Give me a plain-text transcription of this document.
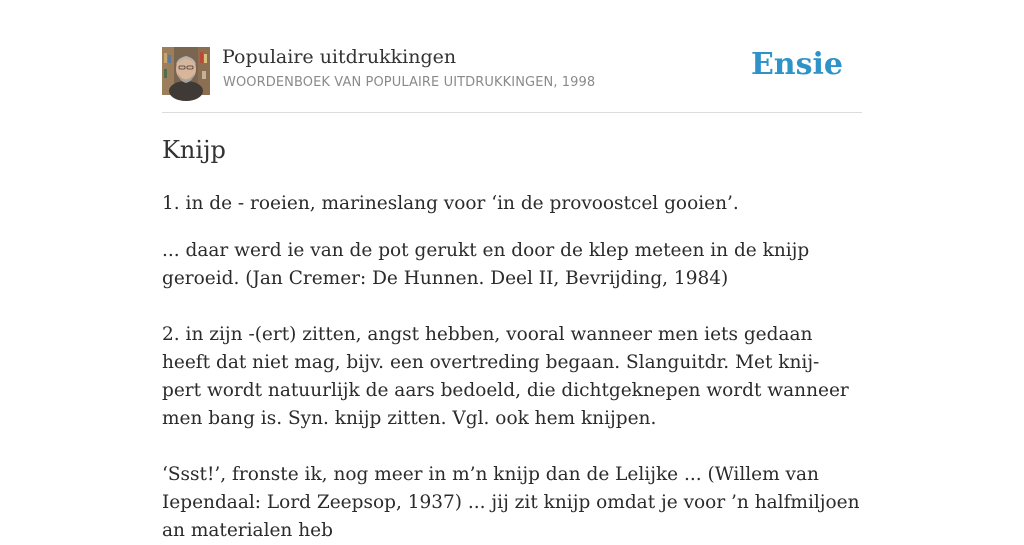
Populaire uitdrukkingen
WOORDENBOEK VAN POPULAIRE UITDRUKKINGEN, 1998
Ensie
Knijp

1. in de - roeien, marineslang voor ‘in de provoostcel gooien’.

... daar werd ie van de pot gerukt en door de klep meteen in de knijp geroeid. (Jan Cremer: De Hunnen. Deel II, Bevrijding, 1984)

2. in zijn -(ert) zitten, angst hebben, vooral wanneer men iets gedaan heeft dat niet mag, bijv. een overtreding begaan. Slanguitdr. Met knij- pert wordt natuurlijk de aars bedoeld, die dichtgeknepen wordt wanneer men bang is. Syn. knijp zitten. Vgl. ook hem knijpen.

‘Ssst!’, fronste ik, nog meer in m’n knijp dan de Lelijke ... (Willem van Iependaal: Lord Zeepsop, 1937) ... jij zit knijp omdat je voor ’n halfmiljoen an materialen heb
